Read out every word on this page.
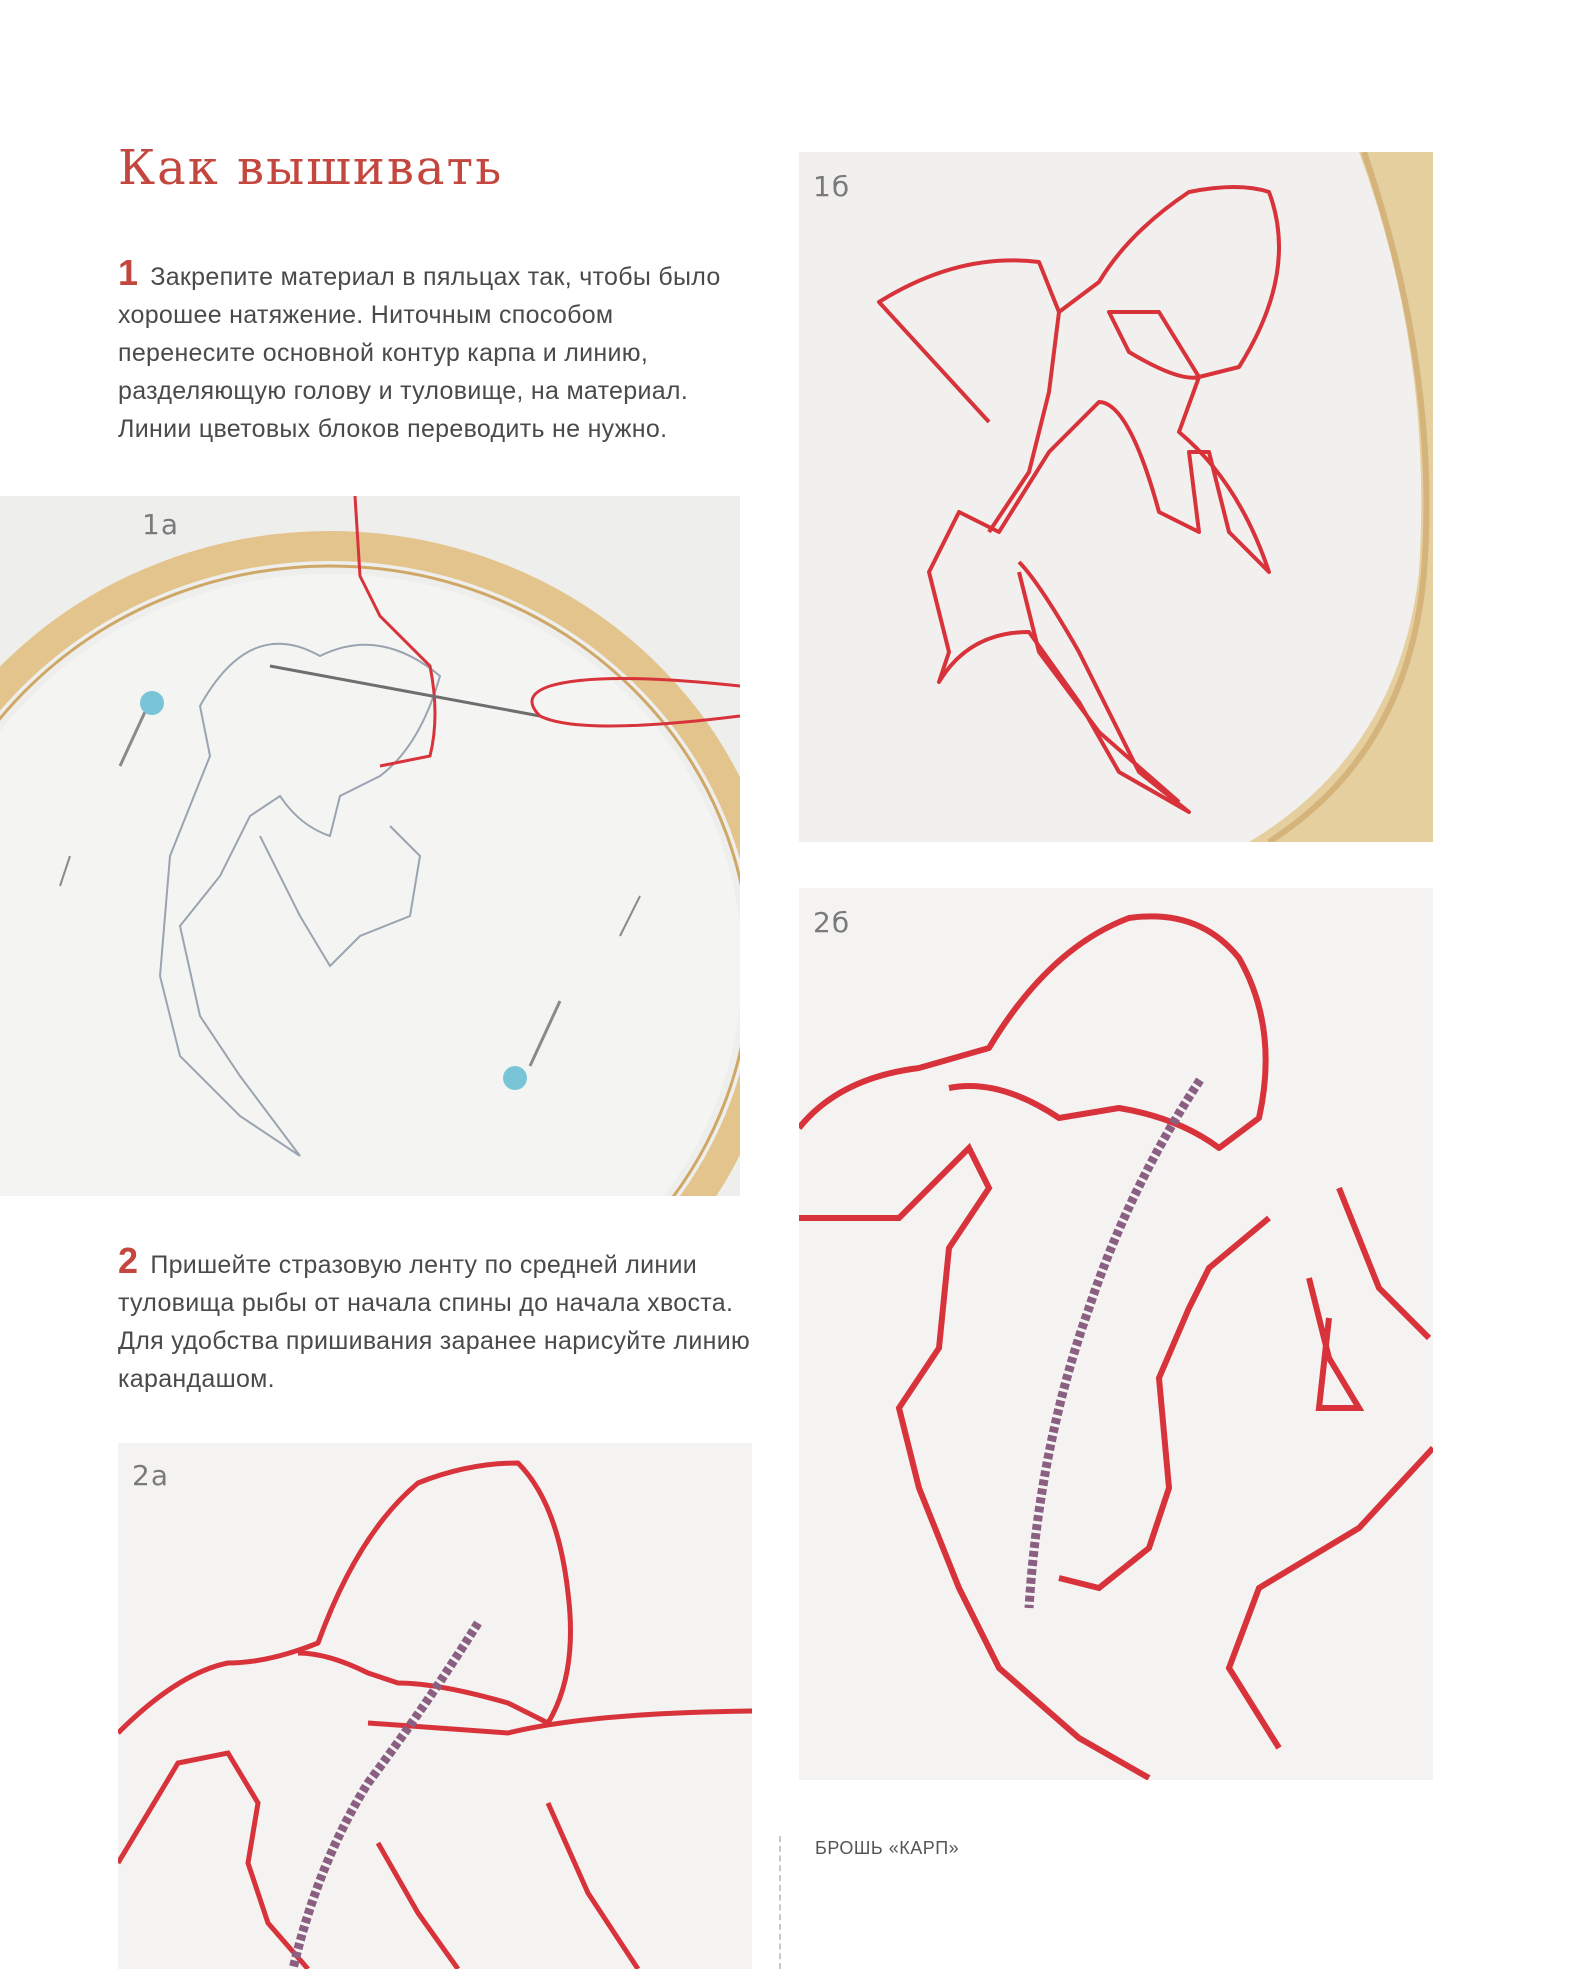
Как вышивать
1 Закрепите материал в пяльцах так, чтобы было хорошее натяжение. Ниточным способом перенесите основной контур карпа и линию, разделяющую голову и туловище, на материал. Линии цветовых блоков переводить не нужно.
1б
1а
2 Пришейте стразовую ленту по средней линии туловища рыбы от начала спины до начала хвоста. Для удобства пришивания заранее нарисуйте линию карандашом.
2б
2а
БРОШЬ «КАРП»
